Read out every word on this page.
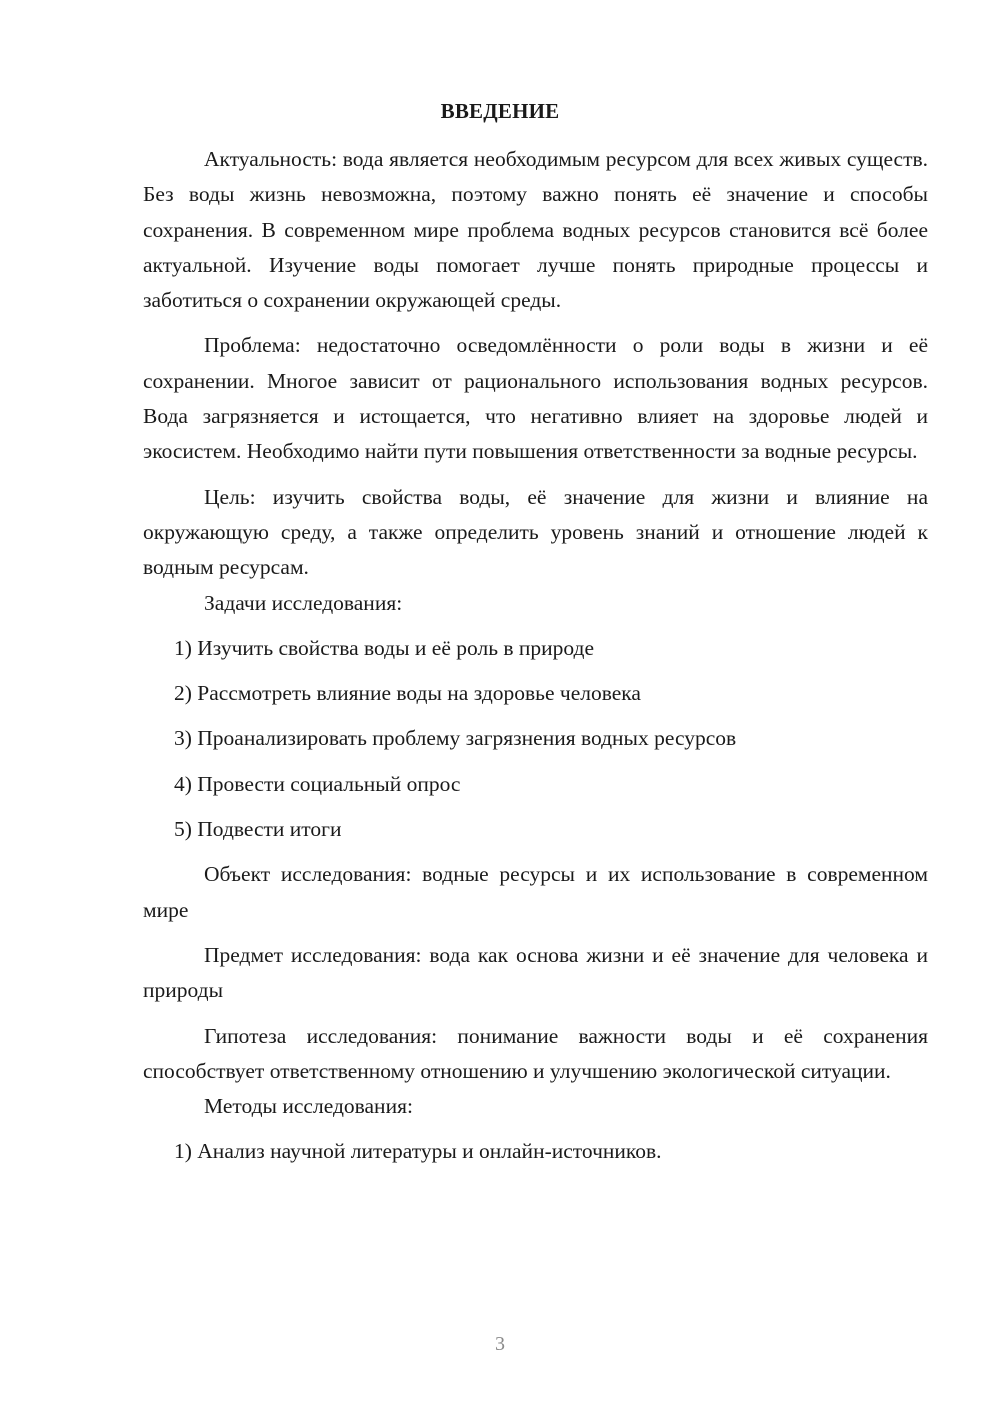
ВВЕДЕНИЕ

Актуальность: вода является необходимым ресурсом для всех живых существ. Без воды жизнь невозможна, поэтому важно понять её значение и способы сохранения. В современном мире проблема водных ресурсов становится всё более актуальной. Изучение воды помогает лучше понять природные процессы и заботиться о сохранении окружающей среды.

Проблема: недостаточно осведомлённости о роли воды в жизни и её сохранении. Многое зависит от рационального использования водных ресурсов. Вода загрязняется и истощается, что негативно влияет на здоровье людей и экосистем. Необходимо найти пути повышения ответственности за водные ресурсы.

Цель: изучить свойства воды, её значение для жизни и влияние на окружающую среду, а также определить уровень знаний и отношение людей к водным ресурсам.

Задачи исследования:

1) Изучить свойства воды и её роль в природе

2) Рассмотреть влияние воды на здоровье человека

3) Проанализировать проблему загрязнения водных ресурсов

4) Провести социальный опрос

5) Подвести итоги

Объект исследования: водные ресурсы и их использование в современном мире

Предмет исследования: вода как основа жизни и её значение для человека и природы

Гипотеза исследования: понимание важности воды и её сохранения способствует ответственному отношению и улучшению экологической ситуации.

Методы исследования:

1) Анализ научной литературы и онлайн-источников.

3
